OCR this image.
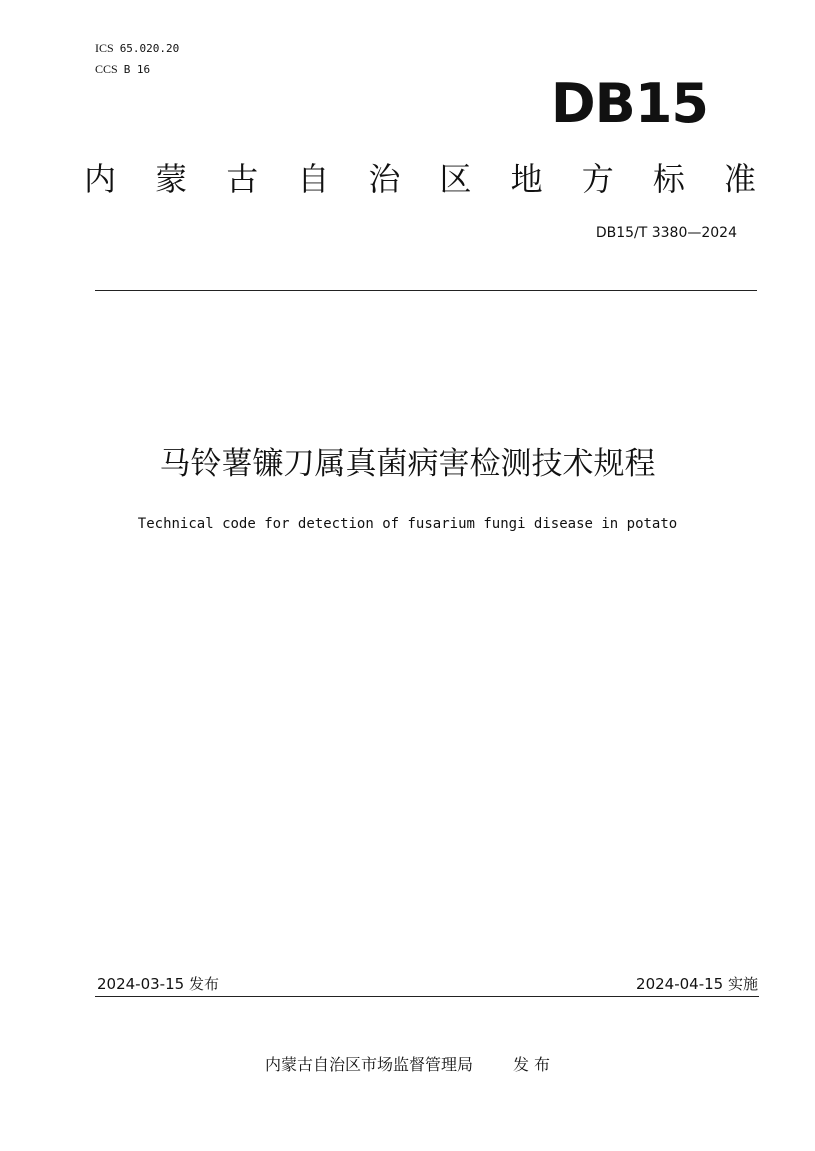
ICS 65.020.20
CCS B 16
DB15
内 蒙 古 自 治 区 地 方 标 准
DB15/T 3380—2024
马铃薯镰刀属真菌病害检测技术规程
Technical code for detection of fusarium fungi disease in potato
2024-03-15 发布	2024-04-15 实施
内蒙古自治区市场监督管理局	发 布
